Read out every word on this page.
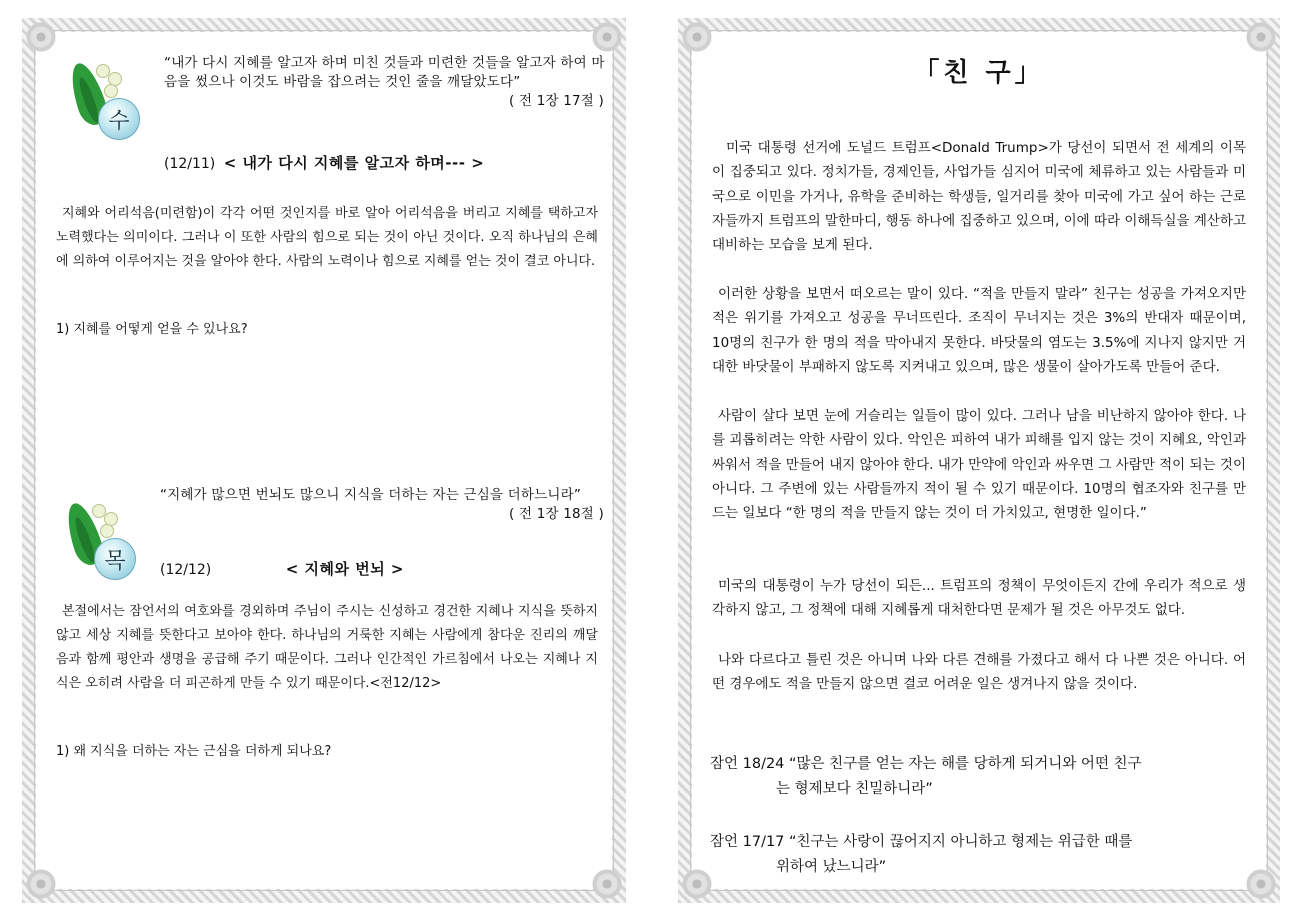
수
“내가 다시 지혜를 알고자 하며 미친 것들과 미련한 것들을 알고자 하여 마음을 썼으나 이것도 바람을 잡으려는 것인 줄을 깨달았도다”
( 전 1장 17절 )
(12/11) < 내가 다시 지혜를 알고자 하며--- >
지혜와 어리석음(미련함)이 각각 어떤 것인지를 바로 알아 어리석음을 버리고 지혜를 택하고자 노력했다는 의미이다. 그러나 이 또한 사람의 힘으로 되는 것이 아닌 것이다. 오직 하나님의 은혜에 의하여 이루어지는 것을 알아야 한다. 사람의 노력이나 힘으로 지혜를 얻는 것이 결코 아니다.
1) 지혜를 어떻게 얻을 수 있나요?
목
“지혜가 많으면 번뇌도 많으니 지식을 더하는 자는 근심을 더하느니라”
( 전 1장 18절 )
(12/12)	< 지혜와 번뇌 >
본절에서는 잠언서의 여호와를 경외하며 주님이 주시는 신성하고 경건한 지혜나 지식을 뜻하지 않고 세상 지혜를 뜻한다고 보아야 한다. 하나님의 거룩한 지혜는 사람에게 참다운 진리의 깨달음과 함께 평안과 생명을 공급해 주기 때문이다. 그러나 인간적인 가르침에서 나오는 지혜나 지식은 오히려 사람을 더 피곤하게 만들 수 있기 때문이다.<전12/12>
1) 왜 지식을 더하는 자는 근심을 더하게 되나요?
「친 구」
미국 대통령 선거에 도널드 트럼프<Donald Trump>가 당선이 되면서 전 세계의 이목이 집중되고 있다. 정치가들, 경제인들, 사업가들 심지어 미국에 체류하고 있는 사람들과 미국으로 이민을 가거나, 유학을 준비하는 학생들, 일거리를 찾아 미국에 가고 싶어 하는 근로자들까지 트럼프의 말한마디, 행동 하나에 집중하고 있으며, 이에 따라 이해득실을 계산하고 대비하는 모습을 보게 된다.
이러한 상황을 보면서 떠오르는 말이 있다. “적을 만들지 말라” 친구는 성공을 가져오지만 적은 위기를 가져오고 성공을 무너뜨린다. 조직이 무너지는 것은 3%의 반대자 때문이며, 10명의 친구가 한 명의 적을 막아내지 못한다. 바닷물의 염도는 3.5%에 지나지 않지만 거대한 바닷물이 부패하지 않도록 지켜내고 있으며, 많은 생물이 살아가도록 만들어 준다.
사람이 살다 보면 눈에 거슬리는 일들이 많이 있다. 그러나 남을 비난하지 않아야 한다. 나를 괴롭히려는 악한 사람이 있다. 악인은 피하여 내가 피해를 입지 않는 것이 지혜요, 악인과 싸워서 적을 만들어 내지 않아야 한다. 내가 만약에 악인과 싸우면 그 사람만 적이 되는 것이 아니다. 그 주변에 있는 사람들까지 적이 될 수 있기 때문이다. 10명의 협조자와 친구를 만드는 일보다 “한 명의 적을 만들지 않는 것이 더 가치있고, 현명한 일이다.”
미국의 대통령이 누가 당선이 되든... 트럼프의 정책이 무엇이든지 간에 우리가 적으로 생각하지 않고, 그 정책에 대해 지혜롭게 대처한다면 문제가 될 것은 아무것도 없다.
나와 다르다고 틀린 것은 아니며 나와 다른 견해를 가졌다고 해서 다 나쁜 것은 아니다. 어떤 경우에도 적을 만들지 않으면 결코 어려운 일은 생겨나지 않을 것이다.
잠언 18/24 “많은 친구를 얻는 자는 해를 당하게 되거니와 어떤 친구
는 형제보다 친밀하니라”
잠언 17/17 “친구는 사랑이 끊어지지 아니하고 형제는 위급한 때를
위하여 났느니라”
